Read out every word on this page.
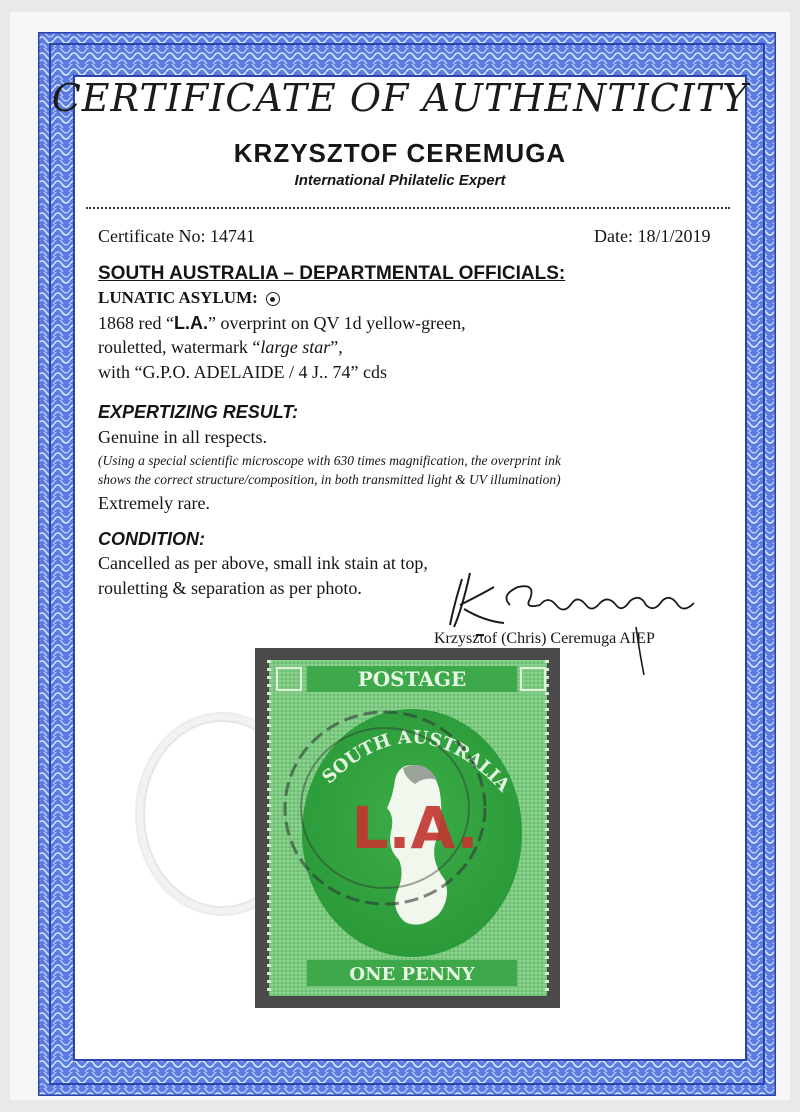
CERTIFICATE OF AUTHENTICITY
KRZYSZTOF CEREMUGA
International Philatelic Expert
Certificate No: 14741	Date: 18/1/2019
SOUTH AUSTRALIA – DEPARTMENTAL OFFICIALS:
LUNATIC ASYLUM:
1868 red “L.A.” overprint on QV 1d yellow-green,
rouletted, watermark “large star”,
with “G.P.O. ADELAIDE / 4 J.. 74” cds
EXPERTIZING RESULT:
Genuine in all respects.
(Using a special scientific microscope with 630 times magnification, the overprint ink
shows the correct structure/composition, in both transmitted light & UV illumination)
Extremely rare.
CONDITION:
Cancelled as per above, small ink stain at top,
rouletting & separation as per photo.
Krzysztof (Chris) Ceremuga AIEP
POSTAGE
SOUTH AUSTRALIA
L.A.
ONE PENNY
